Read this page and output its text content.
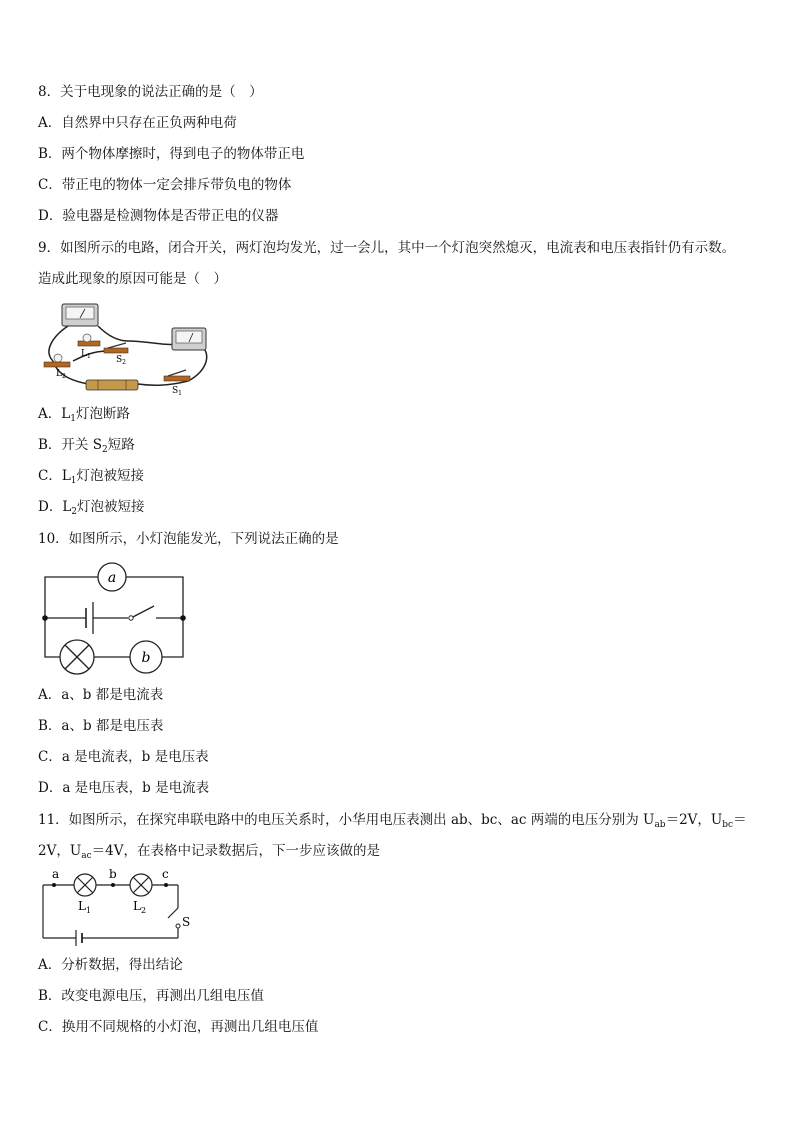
8．关于电现象的说法正确的是（　）
A．自然界中只存在正负两种电荷
B．两个物体摩擦时，得到电子的物体带正电
C．带正电的物体一定会排斥带负电的物体
D．验电器是检测物体是否带正电的仪器
9．如图所示的电路，闭合开关，两灯泡均发光，过一会儿，其中一个灯泡突然熄灭，电流表和电压表指针仍有示数。
造成此现象的原因可能是（　）
$L_1$	$S_2$
$L_2$
$S_1$
A．$L_1$灯泡断路
B．开关 $S_2$短路
C．$L_1$灯泡被短接
D．$L_2$灯泡被短接
10．如图所示，小灯泡能发光，下列说法正确的是
a
b
A．a、b 都是电流表
B．a、b 都是电压表
C．a 是电流表，b 是电压表
D．a 是电压表，b 是电流表
11．如图所示，在探究串联电路中的电压关系时，小华用电压表测出 ab、bc、ac 两端的电压分别为 $U_{ab}=2V$，$U_{bc}=$
2V，$U_{ac}=4V$，在表格中记录数据后，下一步应该做的是
a	b	c
$L_1$	$L_2$
S
A．分析数据，得出结论
B．改变电源电压，再测出几组电压值
C．换用不同规格的小灯泡，再测出几组电压值
